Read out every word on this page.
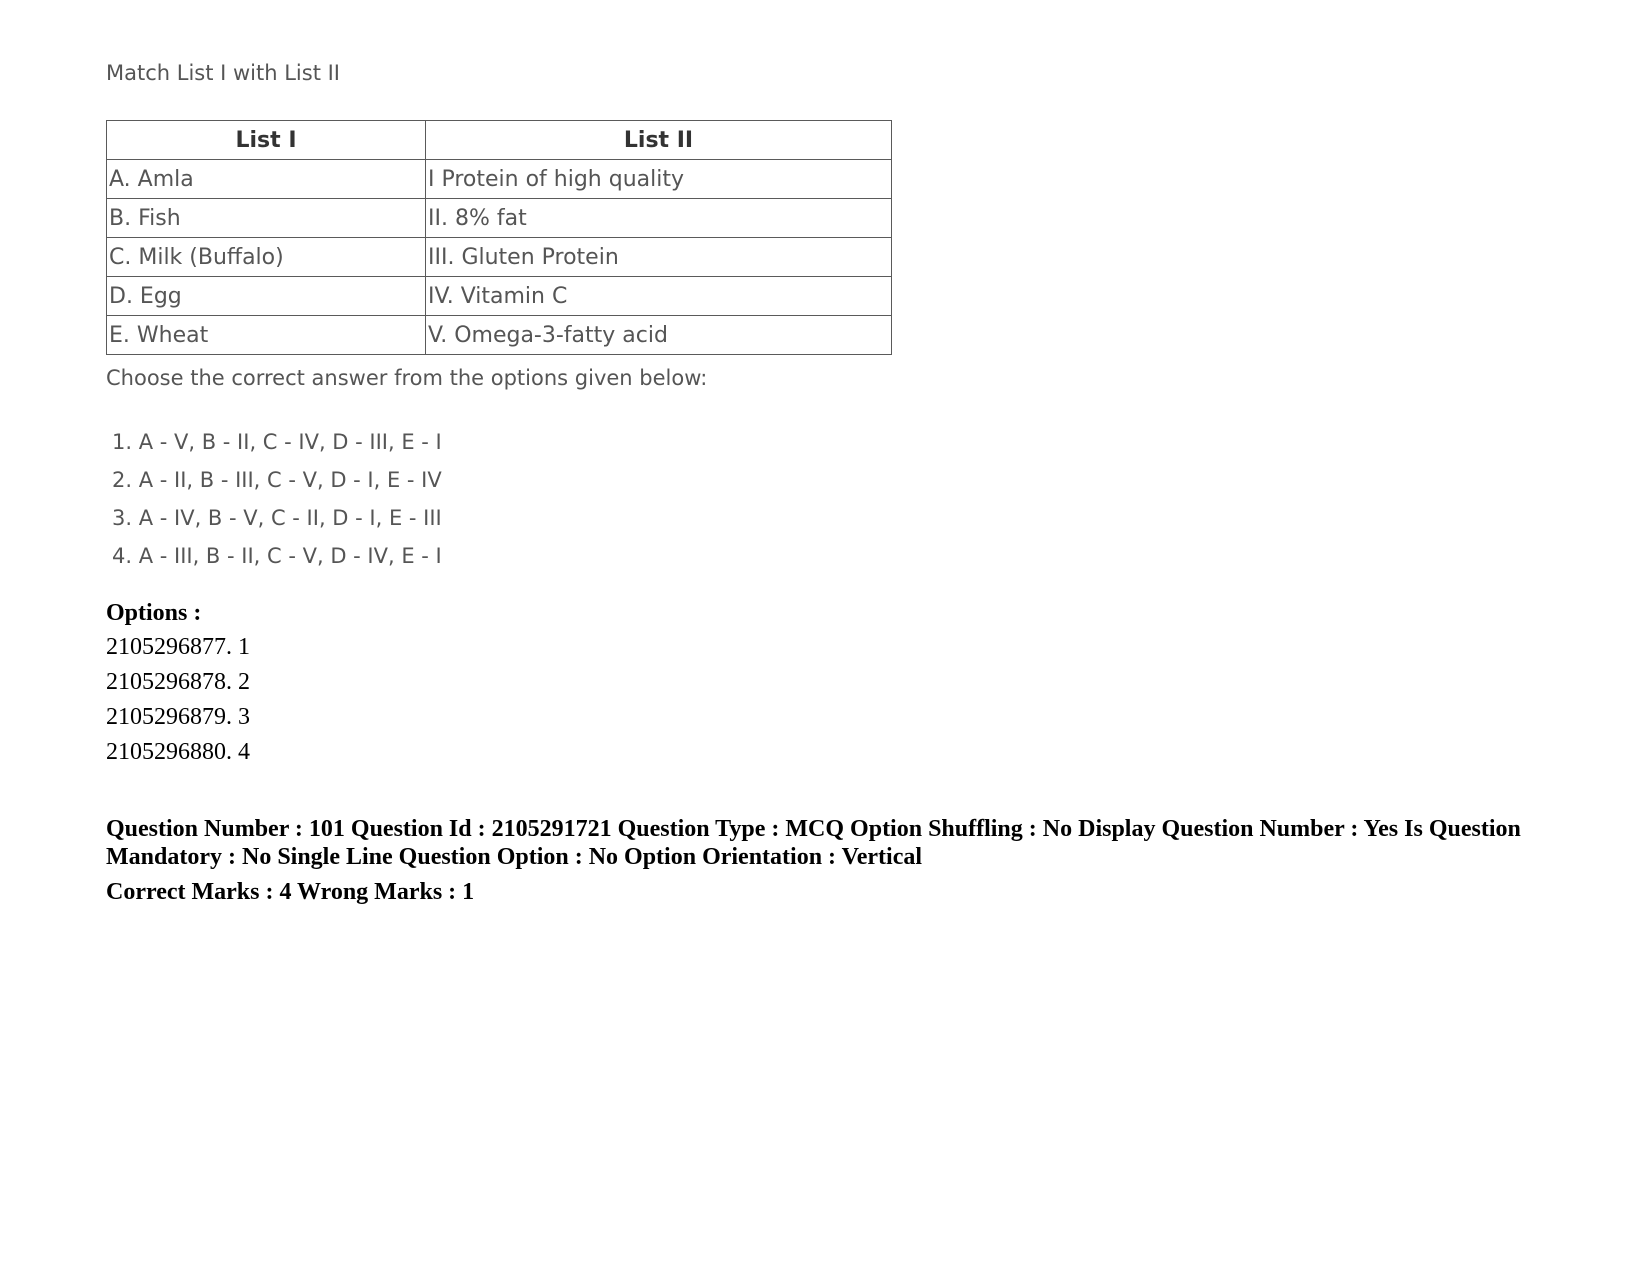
Match List I with List II
List I	List II
A. Amla	I Protein of high quality
B. Fish	II. 8% fat
C. Milk (Buffalo)	III. Gluten Protein
D. Egg	IV. Vitamin C
E. Wheat	V. Omega-3-fatty acid
Choose the correct answer from the options given below:
1. A - V, B - II, C - IV, D - III, E - I
2. A - II, B - III, C - V, D - I, E - IV
3. A - IV, B - V, C - II, D - I, E - III
4. A - III, B - II, C - V, D - IV, E - I
Options :
2105296877. 1
2105296878. 2
2105296879. 3
2105296880. 4
Question Number : 101 Question Id : 2105291721 Question Type : MCQ Option Shuffling : No Display Question Number : Yes Is Question Mandatory : No Single Line Question Option : No Option Orientation : Vertical
Correct Marks : 4 Wrong Marks : 1
